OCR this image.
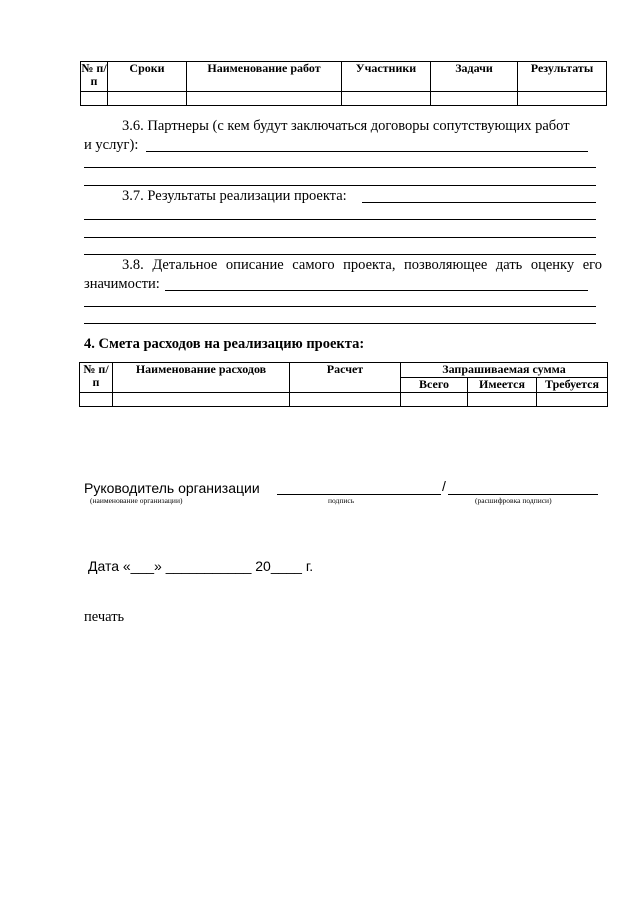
№ п/п	Сроки	Наименование работ	Участники	Задачи	Результаты

3.6. Партнеры (с кем будут заключаться договоры сопутствующих работ
и услуг):
3.7. Результаты реализации проекта:
3.8. Детальное описание самого проекта, позволяющее дать оценку его
значимости:
4. Смета расходов на реализацию проекта:
№ п/п	Наименование расходов	Расчет	Запрашиваемая сумма		
			Всего	Имеется	Требуется

Руководитель организации	/
(наименование организации)	подпись	(расшифровка подписи)
Дата «___» ___________ 20____ г.
печать
